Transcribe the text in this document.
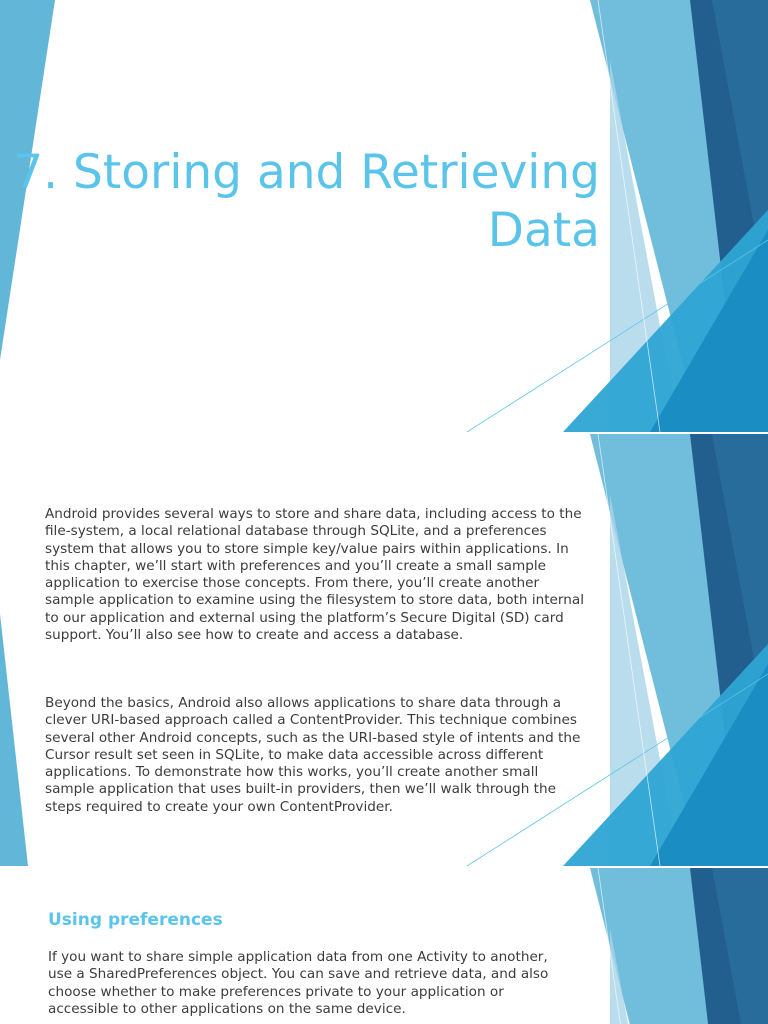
7. Storing and Retrieving
Data

Android provides several ways to store and share data, including access to the file-system, a local relational database through SQLite, and a preferences system that allows you to store simple key/value pairs within applications. In this chapter, we’ll start with preferences and you’ll create a small sample application to exercise those concepts. From there, you’ll create another sample application to examine using the filesystem to store data, both internal to our application and external using the platform’s Secure Digital (SD) card support. You’ll also see how to create and access a database.

Beyond the basics, Android also allows applications to share data through a clever URI-based approach called a ContentProvider. This technique combines several other Android concepts, such as the URI-based style of intents and the Cursor result set seen in SQLite, to make data accessible across different applications. To demonstrate how this works, you’ll create another small sample application that uses built-in providers, then we’ll walk through the steps required to create your own ContentProvider.

Using preferences

If you want to share simple application data from one Activity to another, use a SharedPreferences object. You can save and retrieve data, and also choose whether to make preferences private to your application or accessible to other applications on the same device.
